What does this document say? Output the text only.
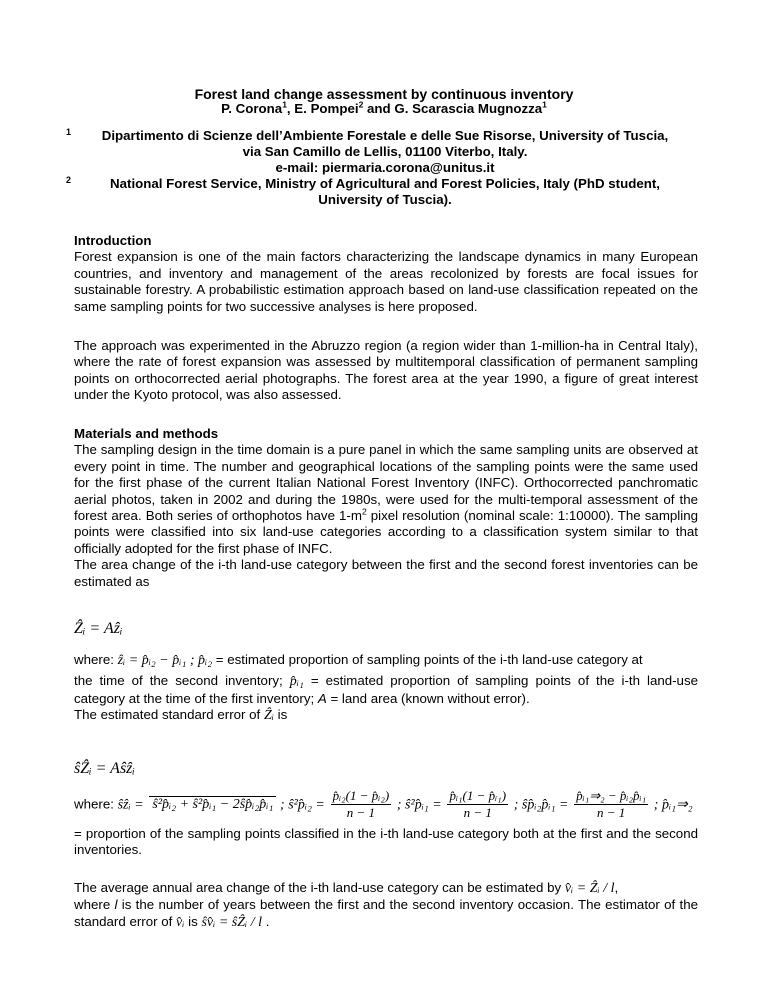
Forest land change assessment by continuous inventory
P. Corona$^1$, E. Pompei$^2$ and G. Scarascia Mugnozza$^1$
1	Dipartimento di Scienze dell’Ambiente Forestale e delle Sue Risorse, University of Tuscia,
via San Camillo de Lellis, 01100 Viterbo, Italy.
e-mail: piermaria.corona@unitus.it
2	National Forest Service, Ministry of Agricultural and Forest Policies, Italy (PhD student,
University of Tuscia).
Introduction
Forest expansion is one of the main factors characterizing the landscape dynamics in many European countries, and inventory and management of the areas recolonized by forests are focal issues for sustainable forestry. A probabilistic estimation approach based on land-use classification repeated on the same sampling points for two successive analyses is here proposed.
The approach was experimented in the Abruzzo region (a region wider than 1-million-ha in Central Italy), where the rate of forest expansion was assessed by multitemporal classification of permanent sampling points on orthocorrected aerial photographs. The forest area at the year 1990, a figure of great interest under the Kyoto protocol, was also assessed.
Materials and methods
The sampling design in the time domain is a pure panel in which the same sampling units are observed at every point in time. The number and geographical locations of the sampling points were the same used for the first phase of the current Italian National Forest Inventory (INFC). Orthocorrected panchromatic aerial photos, taken in 2002 and during the 1980s, were used for the multi-temporal assessment of the forest area. Both series of orthophotos have $1-m^2$ pixel resolution (nominal scale: 1:10000). The sampling points were classified into six land-use categories according to a classification system similar to that officially adopted for the first phase of INFC.
The area change of the i-th land-use category between the first and the second forest inventories can be estimated as
Ẑᵢ = Aẑᵢ
where: ẑᵢ = p̂ᵢ₂ − p̂ᵢ₁ ; p̂ᵢ₂ = estimated proportion of sampling points of the i-th land-use category at
the time of the second inventory; p̂ᵢ₁ = estimated proportion of sampling points of the i-th land-use category at the time of the first inventory; A = land area (known without error).
The estimated standard error of Ẑᵢ is
ŝẐᵢ = Aŝẑᵢ
where: ŝẑᵢ = ŝ²p̂ᵢ₂ + ŝ²p̂ᵢ₁ − 2ŝp̂ᵢ₂p̂ᵢ₁ ; ŝ²p̂ᵢ₂ = $\frac{\text{p̂ᵢ₂(1 − p̂ᵢ₂)}}{n - 1}$ ; ŝ²p̂ᵢ₁ = $\frac{\text{p̂ᵢ₁(1 − p̂ᵢ₁)}}{n - 1}$ ; ŝp̂ᵢ₂p̂ᵢ₁ = $\frac{\text{p̂ᵢ₁⇒₂ − p̂ᵢ₂p̂ᵢ₁}}{n - 1}$ ; p̂ᵢ₁⇒₂
= proportion of the sampling points classified in the i-th land-use category both at the first and the second inventories.
The average annual area change of the i-th land-use category can be estimated by v̂ᵢ = Ẑᵢ / l,
where l is the number of years between the first and the second inventory occasion. The estimator of the standard error of v̂ᵢ is ŝv̂ᵢ = ŝẐᵢ / l .
